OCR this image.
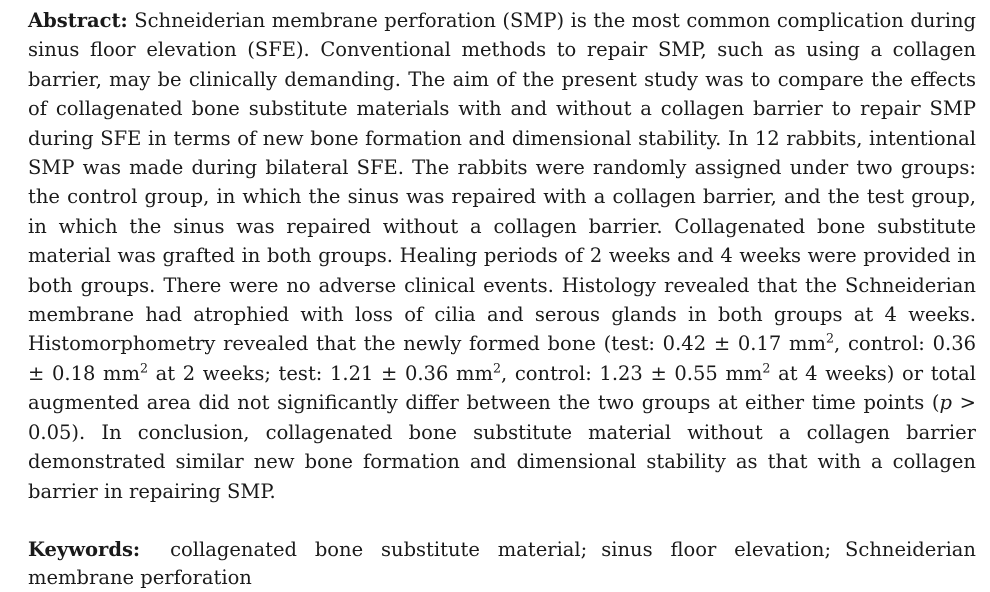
Abstract: Schneiderian membrane perforation (SMP) is the most common complication during sinus floor elevation (SFE). Conventional methods to repair SMP, such as using a collagen barrier, may be clinically demanding. The aim of the present study was to compare the effects of collagenated bone substitute materials with and without a collagen barrier to repair SMP during SFE in terms of new bone formation and dimensional stability. In 12 rabbits, intentional SMP was made during bilateral SFE. The rabbits were randomly assigned under two groups: the control group, in which the sinus was repaired with a collagen barrier, and the test group, in which the sinus was repaired without a collagen barrier. Collagenated bone substitute material was grafted in both groups. Healing periods of 2 weeks and 4 weeks were provided in both groups. There were no adverse clinical events. Histology revealed that the Schneiderian membrane had atrophied with loss of cilia and serous glands in both groups at 4 weeks. Histomorphometry revealed that the newly formed bone (test: 0.42 ± 0.17 $mm^2$, control: 0.36 ± 0.18 $mm^2$ at 2 weeks; test: 1.21 ± 0.36 $mm^2$, control: 1.23 ± 0.55 $mm^2$ at 4 weeks) or total augmented area did not significantly differ between the two groups at either time points (p > 0.05). In conclusion, collagenated bone substitute material without a collagen barrier demonstrated similar new bone formation and dimensional stability as that with a collagen barrier in repairing SMP.

Keywords: collagenated bone substitute material; sinus floor elevation; Schneiderian membrane perforation
